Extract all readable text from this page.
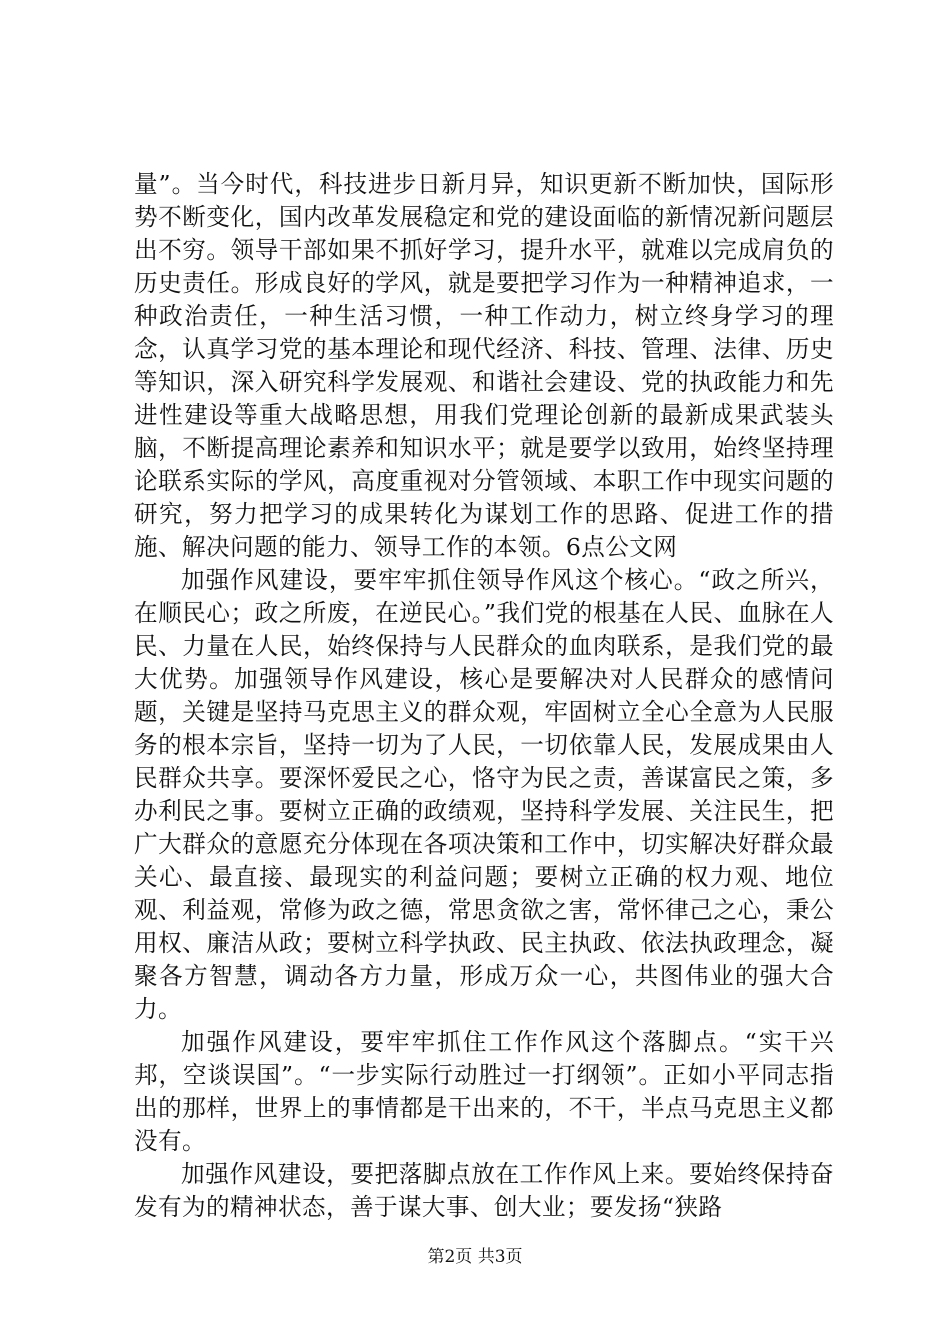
量”。当今时代，科技进步日新月异，知识更新不断加快，国际形势不断变化，国内改革发展稳定和党的建设面临的新情况新问题层出不穷。领导干部如果不抓好学习，提升水平，就难以完成肩负的历史责任。形成良好的学风，就是要把学习作为一种精神追求，一种政治责任，一种生活习惯，一种工作动力，树立终身学习的理念，认真学习党的基本理论和现代经济、科技、管理、法律、历史等知识，深入研究科学发展观、和谐社会建设、党的执政能力和先进性建设等重大战略思想，用我们党理论创新的最新成果武装头脑，不断提高理论素养和知识水平；就是要学以致用，始终坚持理论联系实际的学风，高度重视对分管领域、本职工作中现实问题的研究，努力把学习的成果转化为谋划工作的思路、促进工作的措施、解决问题的能力、领导工作的本领。6点公文网

加强作风建设，要牢牢抓住领导作风这个核心。“政之所兴，在顺民心；政之所废，在逆民心。”我们党的根基在人民、血脉在人民、力量在人民，始终保持与人民群众的血肉联系，是我们党的最大优势。加强领导作风建设，核心是要解决对人民群众的感情问题，关键是坚持马克思主义的群众观，牢固树立全心全意为人民服务的根本宗旨，坚持一切为了人民，一切依靠人民，发展成果由人民群众共享。要深怀爱民之心，恪守为民之责，善谋富民之策，多办利民之事。要树立正确的政绩观，坚持科学发展、关注民生，把广大群众的意愿充分体现在各项决策和工作中，切实解决好群众最关心、最直接、最现实的利益问题；要树立正确的权力观、地位观、利益观，常修为政之德，常思贪欲之害，常怀律己之心，秉公用权、廉洁从政；要树立科学执政、民主执政、依法执政理念，凝聚各方智慧，调动各方力量，形成万众一心，共图伟业的强大合力。

加强作风建设，要牢牢抓住工作作风这个落脚点。“实干兴邦，空谈误国”。“一步实际行动胜过一打纲领”。正如小平同志指出的那样，世界上的事情都是干出来的，不干，半点马克思主义都没有。

加强作风建设，要把落脚点放在工作作风上来。要始终保持奋发有为的精神状态，善于谋大事、创大业；要发扬“狭路

第2页 共3页
